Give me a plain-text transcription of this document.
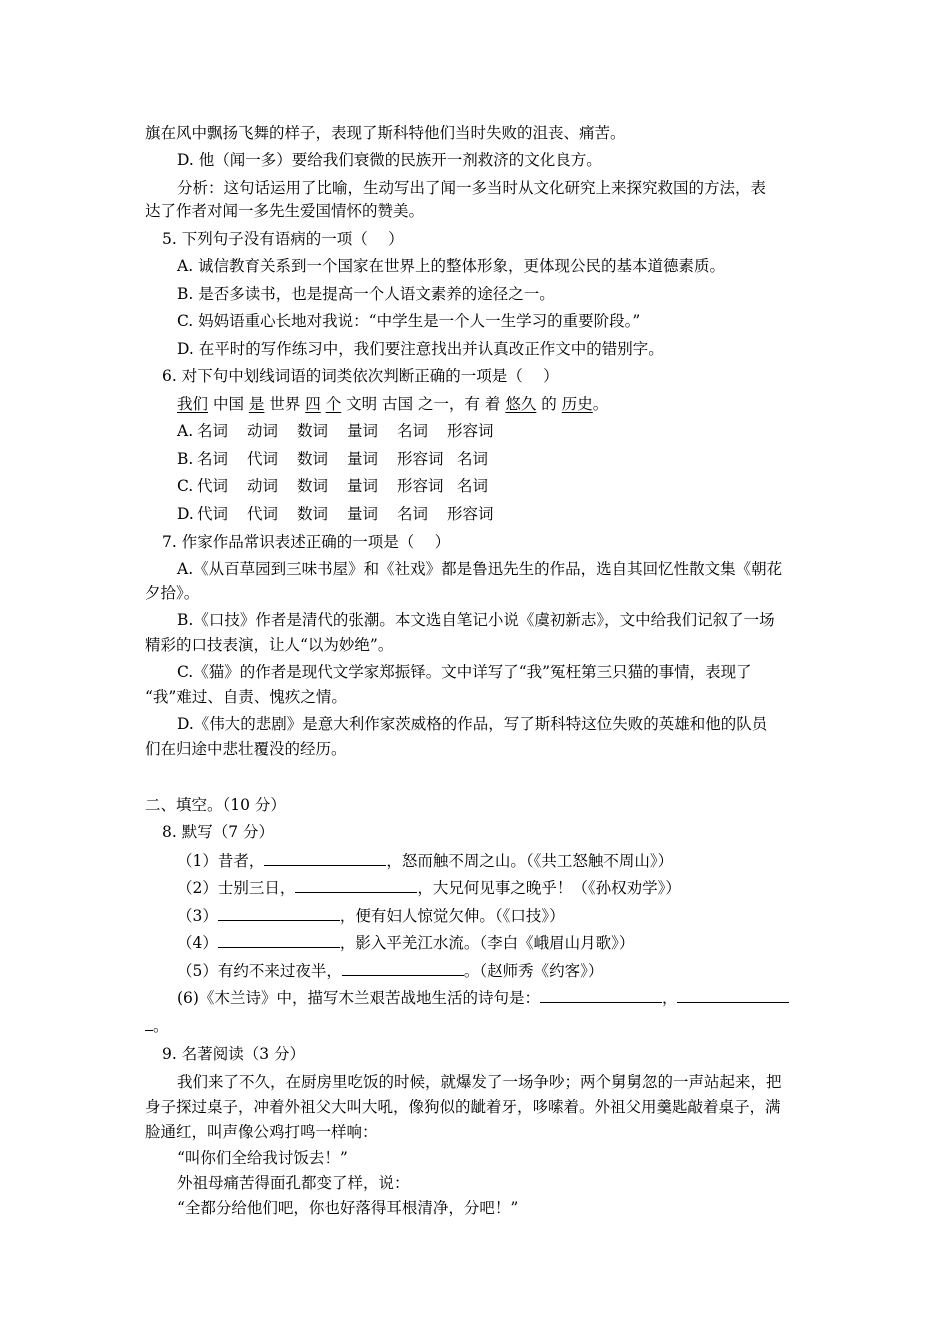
旗在风中飘扬飞舞的样子，表现了斯科特他们当时失败的沮丧、痛苦。
D. 他（闻一多）要给我们衰微的民族开一剂救济的文化良方。
分析：这句话运用了比喻，生动写出了闻一多当时从文化研究上来探究救国的方法，表
达了作者对闻一多先生爱国情怀的赞美。
5. 下列句子没有语病的一项（　 ）
A. 诚信教育关系到一个国家在世界上的整体形象，更体现公民的基本道德素质。
B. 是否多读书，也是提高一个人语文素养的途径之一。
C. 妈妈语重心长地对我说：“中学生是一个人一生学习的重要阶段。”
D. 在平时的写作练习中，我们要注意找出并认真改正作文中的错别字。
6. 对下句中划线词语的词类依次判断正确的一项是（　 ）
我们 中国 是 世界 四 个 文明 古国 之一，有 着 悠久 的 历史。
A. 名词 动词 数词 量词 名词 形容词
B. 名词 代词 数词 量词 形容词 名词
C. 代词 动词 数词 量词 形容词 名词
D. 代词 代词 数词 量词 名词 形容词
7. 作家作品常识表述正确的一项是（　 ）
A.《从百草园到三味书屋》和《社戏》都是鲁迅先生的作品，选自其回忆性散文集《朝花
夕拾》。
B.《口技》作者是清代的张潮。本文选自笔记小说《虞初新志》，文中给我们记叙了一场
精彩的口技表演，让人“以为妙绝”。
C.《猫》的作者是现代文学家郑振铎。文中详写了“我”冤枉第三只猫的事情，表现了
“我”难过、自责、愧疚之情。
D.《伟大的悲剧》是意大利作家茨威格的作品，写了斯科特这位失败的英雄和他的队员
们在归途中悲壮覆没的经历。
二、填空。（10 分）
8. 默写（7 分）
（1）昔者，	，怒而触不周之山。（《共工怒触不周山》）
（2）士别三日，	，大兄何见事之晚乎！（《孙权劝学》）
（3）	，便有妇人惊觉欠伸。（《口技》）
（4）	，影入平羌江水流。（李白《峨眉山月歌》）
（5）有约不来过夜半，	。（赵师秀《约客》）
(6)《木兰诗》中，描写木兰艰苦战地生活的诗句是：	，
。
9. 名著阅读（3 分）
我们来了不久，在厨房里吃饭的时候，就爆发了一场争吵；两个舅舅忽的一声站起来，把
身子探过桌子，冲着外祖父大叫大吼，像狗似的龇着牙，哆嗦着。外祖父用羹匙敲着桌子，满
脸通红，叫声像公鸡打鸣一样响：
“叫你们全给我讨饭去！”
外祖母痛苦得面孔都变了样，说：
“全都分给他们吧，你也好落得耳根清净，分吧！”
